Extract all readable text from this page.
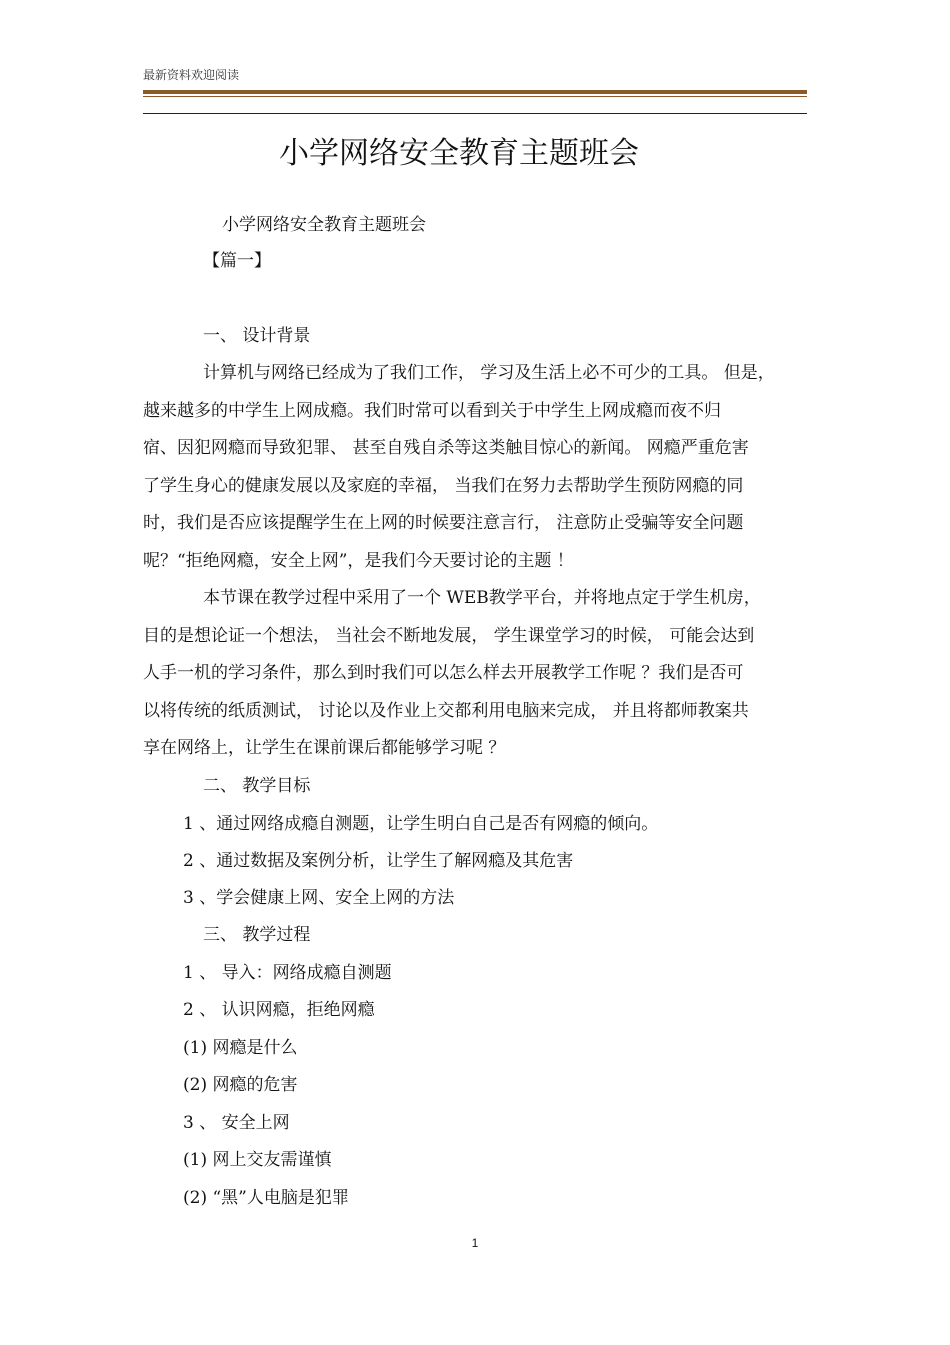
最新资料欢迎阅读
小学网络安全教育主题班会
小学网络安全教育主题班会
【篇一】
一、 设计背景
计算机与网络已经成为了我们工作， 学习及生活上必不可少的工具。 但是，
越来越多的中学生上网成瘾。我们时常可以看到关于中学生上网成瘾而夜不归
宿、因犯网瘾而导致犯罪、 甚至自残自杀等这类触目惊心的新闻。 网瘾严重危害
了学生身心的健康发展以及家庭的幸福， 当我们在努力去帮助学生预防网瘾的同
时，我们是否应该提醒学生在上网的时候要注意言行， 注意防止受骗等安全问题
呢？“拒绝网瘾，安全上网”，是我们今天要讨论的主题 ！
本节课在教学过程中采用了一个 WEB教学平台，并将地点定于学生机房，
目的是想论证一个想法， 当社会不断地发展， 学生课堂学习的时候， 可能会达到
人手一机的学习条件，那么到时我们可以怎么样去开展教学工作呢 ？我们是否可
以将传统的纸质测试， 讨论以及作业上交都利用电脑来完成， 并且将都师教案共
享在网络上，让学生在课前课后都能够学习呢 ？
二、 教学目标
1 、通过网络成瘾自测题，让学生明白自己是否有网瘾的倾向。
2 、通过数据及案例分析，让学生了解网瘾及其危害
3 、学会健康上网、安全上网的方法
三、 教学过程
1 、 导入：网络成瘾自测题
2 、 认识网瘾，拒绝网瘾
(1) 网瘾是什么
(2) 网瘾的危害
3 、 安全上网
(1) 网上交友需谨慎
(2) “黑”人电脑是犯罪
1
